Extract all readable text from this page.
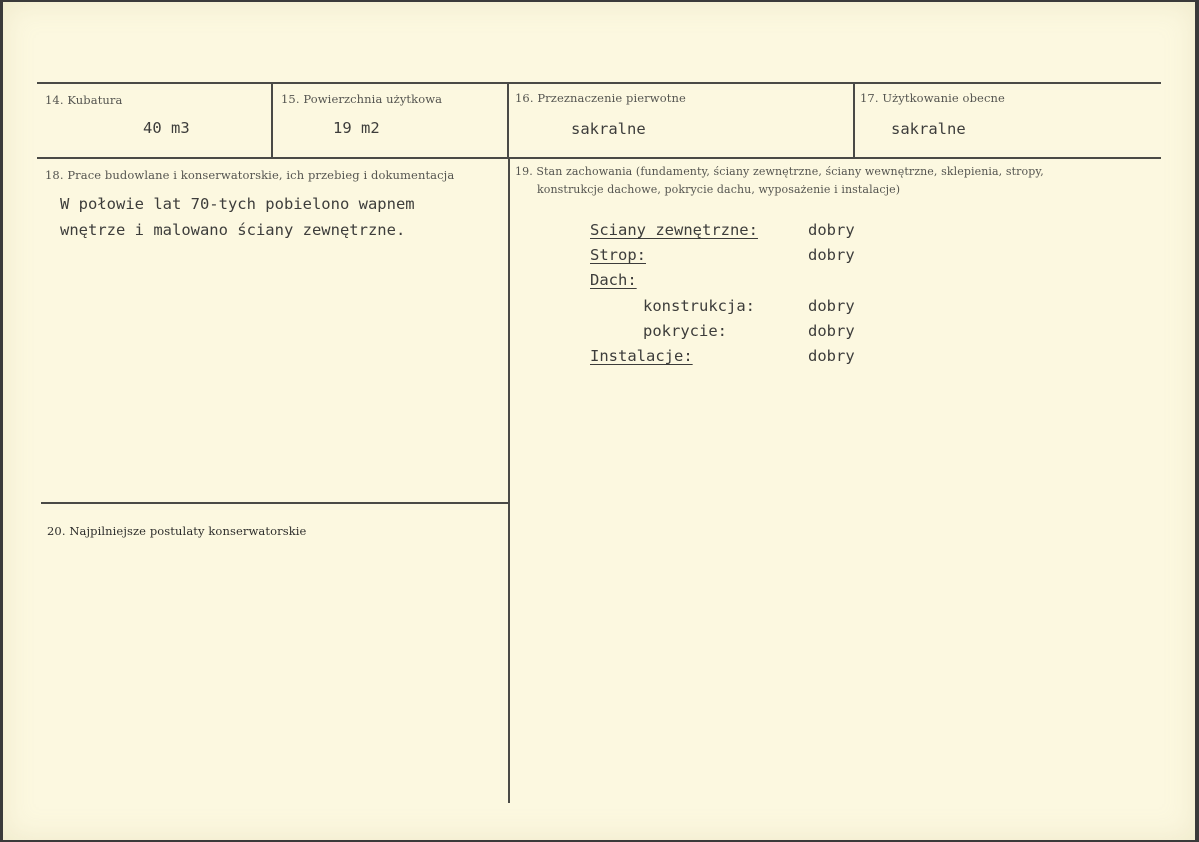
14. Kubatura
40 m3
15. Powierzchnia użytkowa
19 m2
16. Przeznaczenie pierwotne
sakralne
17. Użytkowanie obecne
sakralne
18. Prace budowlane i konserwatorskie, ich przebieg i dokumentacja
W połowie lat 70-tych pobielono wapnem
wnętrze i malowano ściany zewnętrzne.
19. Stan zachowania (fundamenty, ściany zewnętrzne, ściany wewnętrzne, sklepienia, stropy,
konstrukcje dachowe, pokrycie dachu, wyposażenie i instalacje)
Sciany zewnętrzne:	dobry
Strop:	dobry
Dach:
konstrukcja:	dobry
pokrycie:	dobry
Instalacje:	dobry
20. Najpilniejsze postulaty konserwatorskie
